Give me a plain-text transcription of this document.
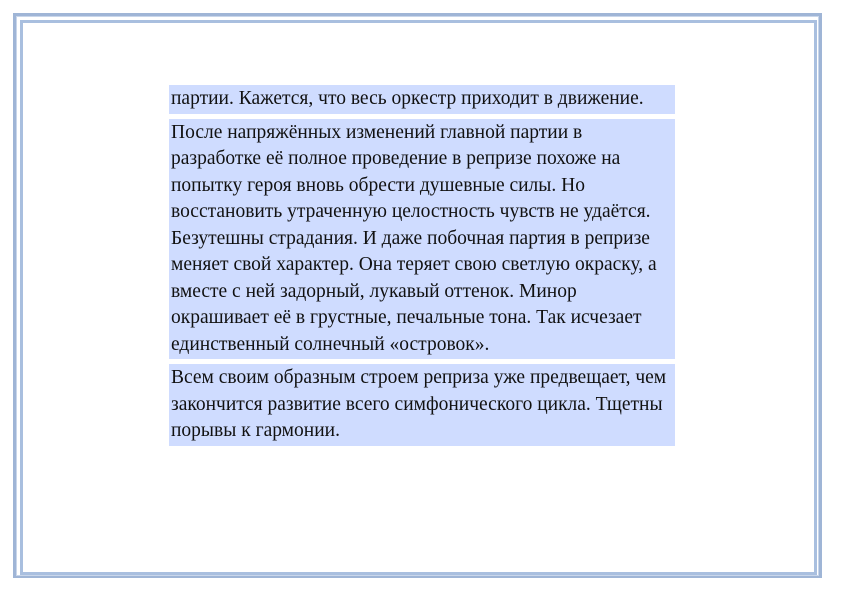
партии. Кажется, что весь оркестр приходит в движение.

После напряжённых изменений главной партии в разработке её полное проведение в репризе похоже на попытку героя вновь обрести душевные силы. Но восстановить утраченную целостность чувств не удаётся. Безутешны страдания. И даже побочная партия в репризе меняет свой характер. Она теряет свою светлую окраску, а вместе с ней задорный, лукавый оттенок. Минор окрашивает её в грустные, печальные тона. Так исчезает единственный солнечный «островок».

Всем своим образным строем реприза уже предвещает, чем закончится развитие всего симфонического цикла. Тщетны порывы к гармонии.
